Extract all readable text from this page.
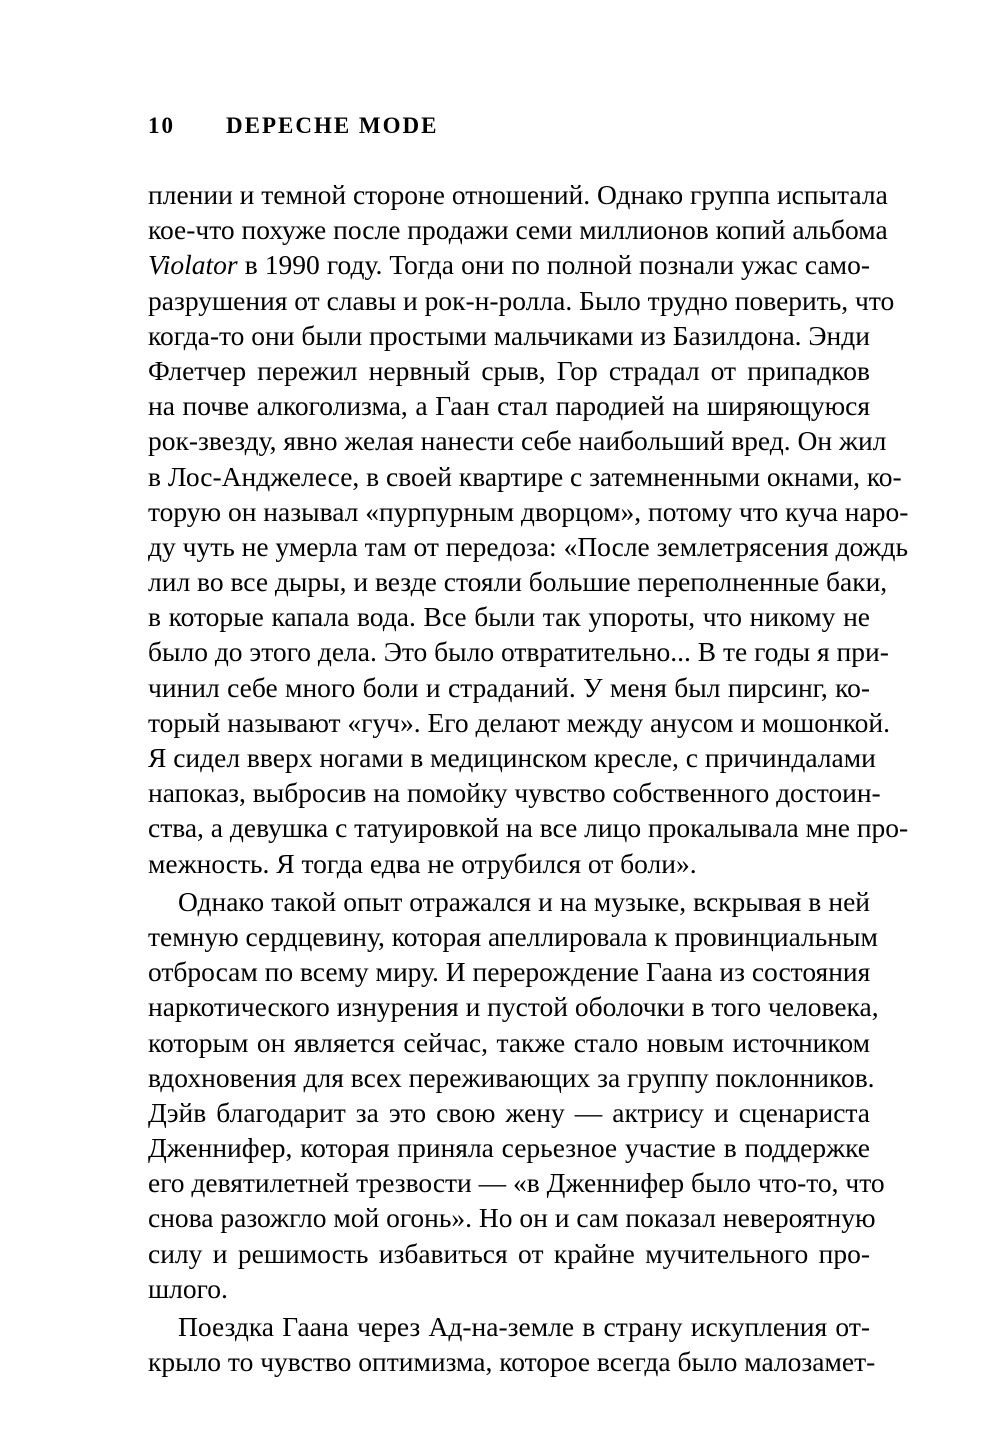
10 DEPECHE MODE
плении и темной стороне отношений. Однако группа испытала
кое-что похуже после продажи семи миллионов копий альбома
Violator в 1990 году. Тогда они по полной познали ужас само-
разрушения от славы и рок-н-ролла. Было трудно поверить, что
когда-то они были простыми мальчиками из Базилдона. Энди
Флетчер пережил нервный срыв, Гор страдал от припадков
на почве алкоголизма, а Гаан стал пародией на ширяющуюся
рок-звезду, явно желая нанести себе наибольший вред. Он жил
в Лос-Анджелесе, в своей квартире с затемненными окнами, ко-
торую он называл «пурпурным дворцом», потому что куча наро-
ду чуть не умерла там от передоза: «После землетрясения дождь
лил во все дыры, и везде стояли большие переполненные баки,
в которые капала вода. Все были так упороты, что никому не
было до этого дела. Это было отвратительно... В те годы я при-
чинил себе много боли и страданий. У меня был пирсинг, ко-
торый называют «гуч». Его делают между анусом и мошонкой.
Я сидел вверх ногами в медицинском кресле, с причиндалами
напоказ, выбросив на помойку чувство собственного достоин-
ства, а девушка с татуировкой на все лицо прокалывала мне про-
межность. Я тогда едва не отрубился от боли».
Однако такой опыт отражался и на музыке, вскрывая в ней
темную сердцевину, которая апеллировала к провинциальным
отбросам по всему миру. И перерождение Гаана из состояния
наркотического изнурения и пустой оболочки в того человека,
которым он является сейчас, также стало новым источником
вдохновения для всех переживающих за группу поклонников.
Дэйв благодарит за это свою жену — актрису и сценариста
Дженнифер, которая приняла серьезное участие в поддержке
его девятилетней трезвости — «в Дженнифер было что-то, что
снова разожгло мой огонь». Но он и сам показал невероятную
силу и решимость избавиться от крайне мучительного про-
шлого.
Поездка Гаана через Ад-на-земле в страну искупления от-
крыло то чувство оптимизма, которое всегда было малозамет-
